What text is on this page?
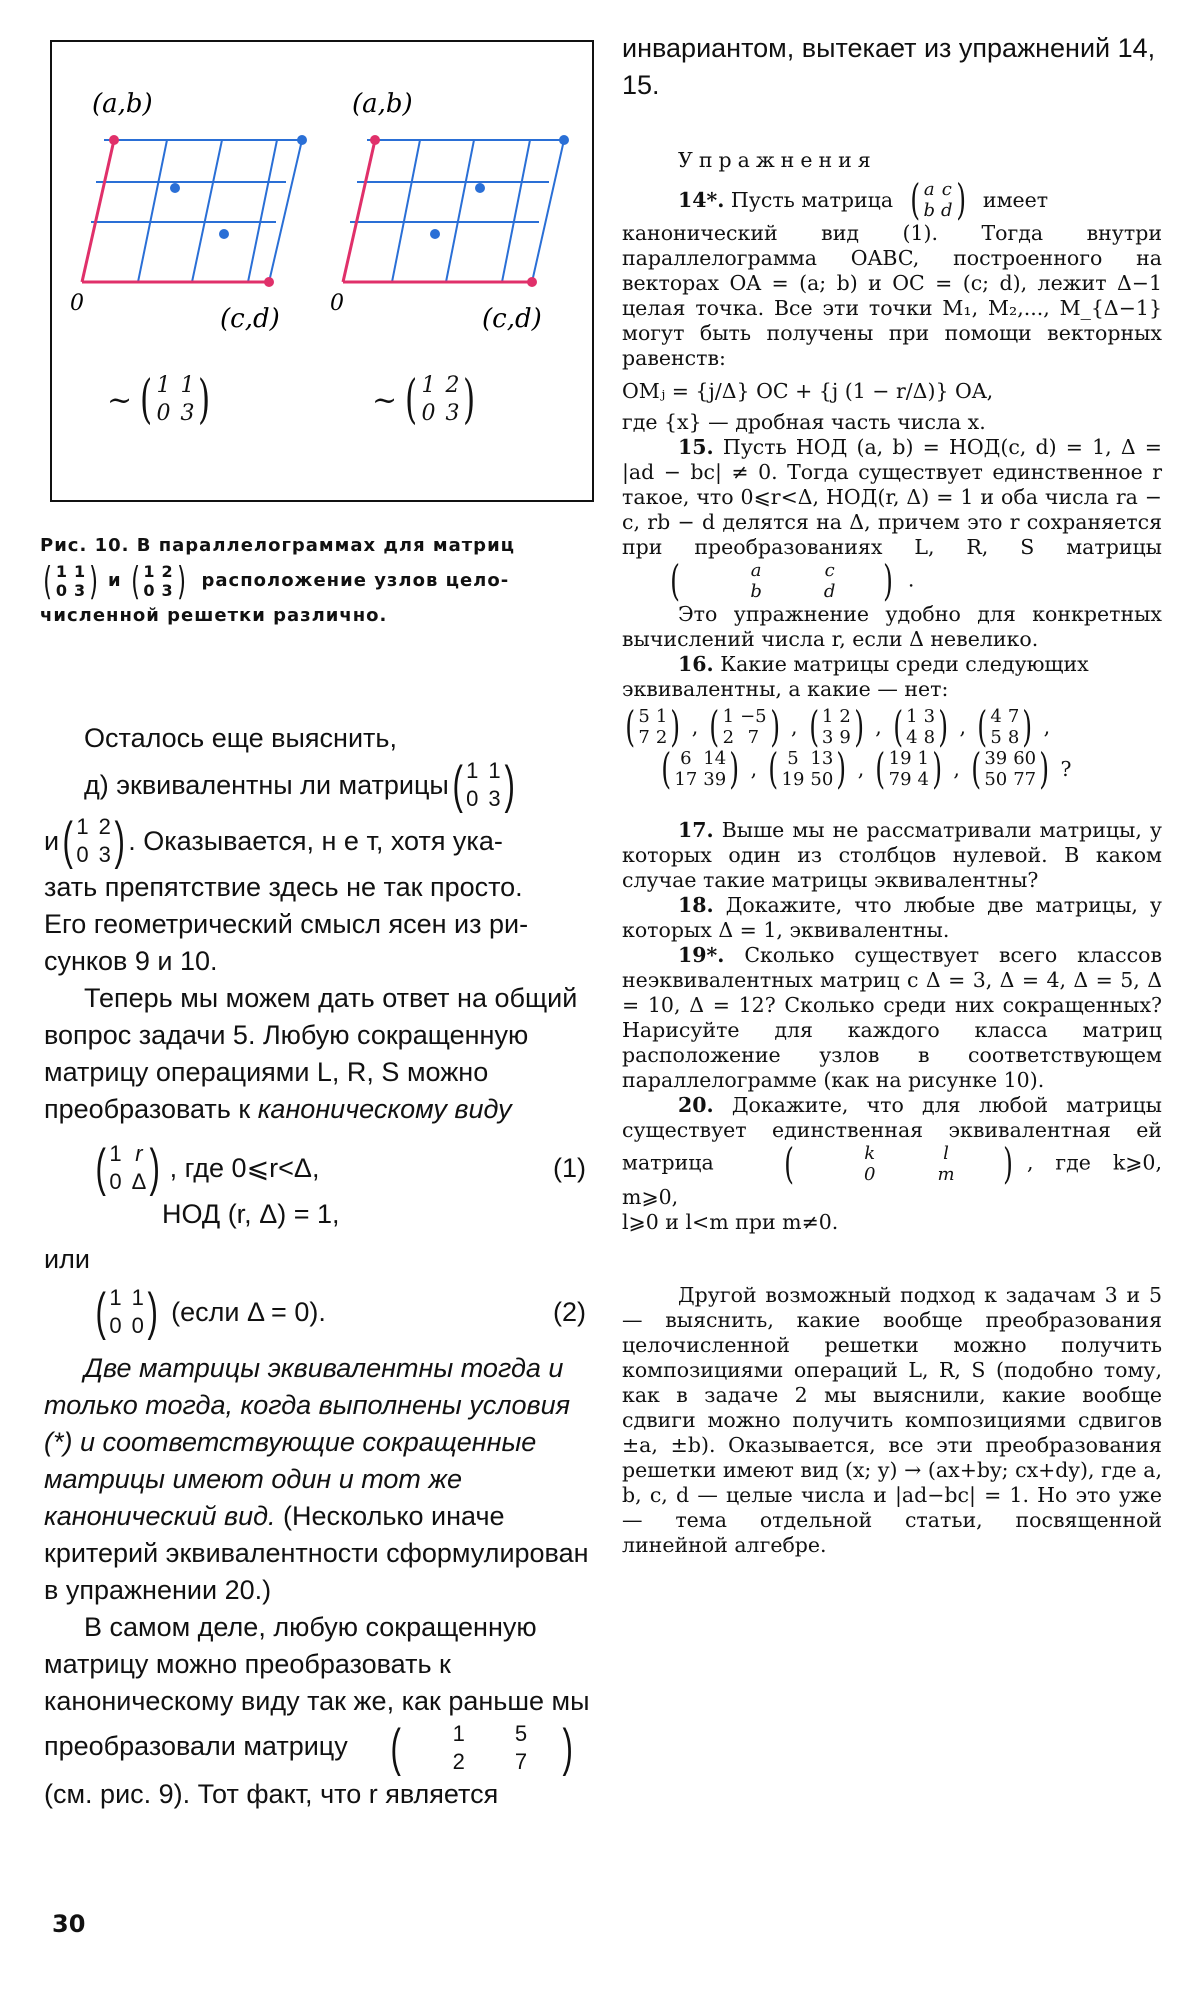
(a,b)
0
(c,d)
(a,b)
0
(c,d)
~ ( 1 1
0 3 )	~ ( 1 2
0 3 )
Рис. 10. В параллелограммах для матриц
( 1 1
0 3 ) и ( 1 2
0 3 ) расположение узлов цело-
численной решетки различно.

Осталось еще выяснить,

д) эквивалентны ли матрицы ( 1 1
0 3 )
и ( 1 2
0 3 ) . Оказывается, н е т, хотя ука-
зать препятствие здесь не так просто.
Его геометрический смысл ясен из ри-
сунков 9 и 10.

Теперь мы можем дать ответ на общий вопрос задачи 5. Любую сокращенную матрицу операциями L, R, S можно преобразовать к каноническому виду

( 1 r
0 Δ ) , где 0⩽r<Δ,	(1)
НОД (r, Δ) = 1,
или
( 1 1
0 0 ) (если Δ = 0).	(2)

Две матрицы эквивалентны тогда и только тогда, когда выполнены условия (*) и соответствующие сокращенные матрицы имеют один и тот же канонический вид. (Несколько иначе критерий эквивалентности сформулирован в упражнении 20.)

В самом деле, любую сокращенную матрицу можно преобразовать к каноническому виду так же, как раньше мы преобразовали матрицу (	1	5
2	7 )
(см. рис. 9). Тот факт, что r является

инвариантом, вытекает из упражнений 14, 15.
Упражнения
14*.
Пусть матрица ( a c
b d ) имеет

канонический вид (1). Тогда внутри параллелограмма OABC, построенного на векторах OA = (a; b) и OC = (c; d), лежит Δ−1 целая точка. Все эти точки M₁, M₂,..., M_{Δ−1} могут быть получены при помощи векторных равенств:

OMⱼ = {j/Δ} OC + {j (1 − r/Δ)} OA,

где {x} — дробная часть числа x.

15. Пусть НОД (a, b) = НОД(c, d) = 1, Δ = |ad − bc| ≠ 0. Тогда существует единственное r такое, что 0⩽r<Δ, НОД(r, Δ) = 1 и оба числа ra − c, rb − d делятся на Δ, причем это r сохраняется при преобразованиях L, R, S матрицы
(	a	c
b	d	) .

Это упражнение удобно для конкретных вычислений числа r, если Δ невелико.

16. Какие матрицы среди следующих эквивалентны, а какие — нет:

( 5 1
7 2 ) , ( 1 −5
2 7 ) , ( 1 2
3 9 ) , ( 1 3
4 8 ) , ( 4 7
5 8 ) ,
( 6 14
17 39 ) , ( 5 13
19 50 ) , ( 19 1
79 4 ) , ( 39 60
50 77 ) ?

17. Выше мы не рассматривали матрицы, у которых один из столбцов нулевой. В каком случае такие матрицы эквивалентны?

18. Докажите, что любые две матрицы, у которых Δ = 1, эквивалентны.

19*. Сколько существует всего классов неэквивалентных матриц с Δ = 3, Δ = 4, Δ = 5, Δ = 10, Δ = 12? Сколько среди них сокращенных? Нарисуйте для каждого класса матриц расположение узлов в соответствующем параллелограмме (как на рисунке 10).

20. Докажите, что для любой матрицы существует единственная эквивалентная ей матрица	(	k	l
0	m	) , где k⩾0, m⩾0,

l⩾0 и l<m при m≠0.

Другой возможный подход к задачам 3 и 5 — выяснить, какие вообще преобразования целочисленной решетки можно получить композициями операций L, R, S (подобно тому, как в задаче 2 мы выяснили, какие вообще сдвиги можно получить композициями сдвигов ±a, ±b). Оказывается, все эти преобразования решетки имеют вид (x; y) → (ax+by; cx+dy), где a, b, c, d — целые числа и |ad−bc| = 1. Но это уже — тема отдельной статьи, посвященной линейной алгебре.

30
